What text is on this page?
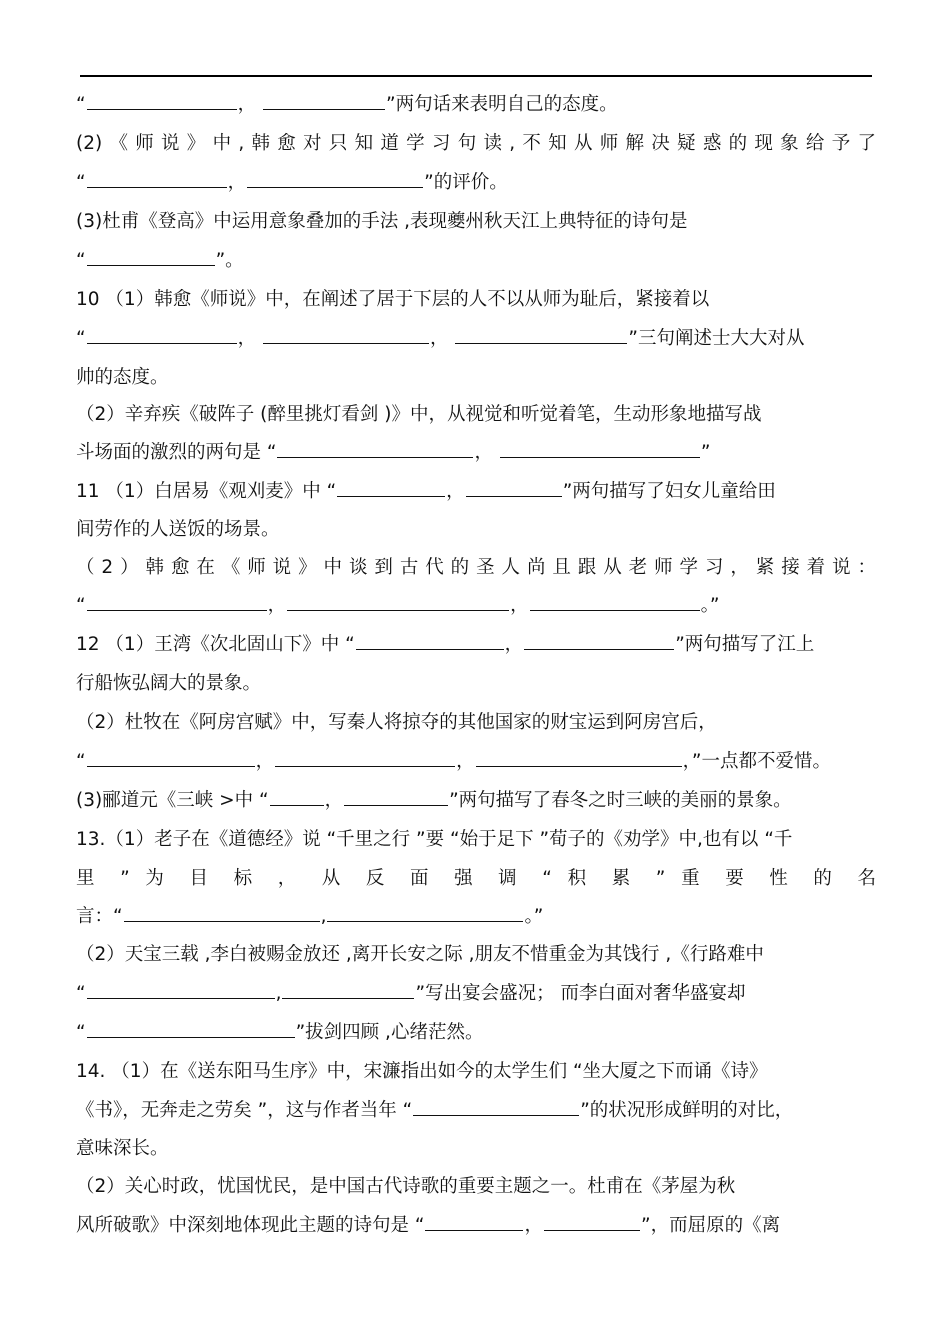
“	，	”两句话来表明自己的态度。
(2)《师说》中,韩愈对只知道学习句读,不知从师解决疑惑的现象给予了
“	，	”的评价。
(3)杜甫《登高》中运用意象叠加的手法 ,表现夔州秋天江上典特征的诗句是
“	”。
10 （1）韩愈《师说》中，在阐述了居于下层的人不以从师为耻后，紧接着以
“	，	，	”三句阐述士大大对从
帅的态度。
（2）辛弃疾《破阵子 (醉里挑灯看剑 )》中，从视觉和听觉着笔，生动形象地描写战
斗场面的激烈的两句是 “	，	”
11 （1）白居易《观刈麦》中 “	，	”两句描写了妇女儿童给田
间劳作的人送饭的场景。
（2）韩愈在《师说》中谈到古代的圣人尚且跟从老师学习，紧接着说：
“	，	，	。”
12 （1）王湾《次北固山下》中 “	，	”两句描写了江上
行船恢弘阔大的景象。
（2）杜牧在《阿房宫赋》中，写秦人将掠夺的其他国家的财宝运到阿房宫后，
“	，	，	，”一点都不爱惜。
(3)郦道元《三峡 >中 “	，	”两句描写了春冬之时三峡的美丽的景象。
13.（1）老子在《道德经》说 “千里之行 ”要 “始于足下 ”荀子的《劝学》中,也有以 “千
里 ” 为 目 标 ， 从 反 面 强 调 “ 积 累 ” 重 要 性 的 名
言：“	,	。”
（2）天宝三载 ,李白被赐金放还 ,离开长安之际 ,朋友不惜重金为其饯行 ,《行路难中
“	,	”写出宴会盛况； 而李白面对奢华盛宴却
“	”拔剑四顾 ,心绪茫然。
14. （1）在《送东阳马生序》中，宋濂指出如今的太学生们 “坐大厦之下而诵《诗》
《书》，无奔走之劳矣 ”，这与作者当年 “	”的状况形成鲜明的对比，
意味深长。
（2）关心时政，忧国忧民，是中国古代诗歌的重要主题之一。杜甫在《茅屋为秋
风所破歌》中深刻地体现此主题的诗句是 “	，	”，而屈原的《离
